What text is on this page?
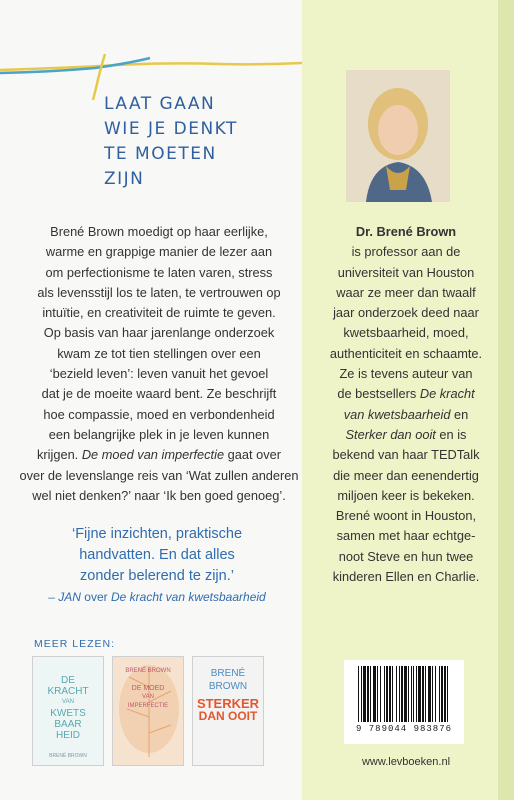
LAAT GAAN
WIE JE DENKT
TE MOETEN
ZIJN
Brené Brown moedigt op haar eerlijke,
warme en grappige manier de lezer aan
om perfectionisme te laten varen, stress
als levensstijl los te laten, te vertrouwen op
intuïtie, en creativiteit de ruimte te geven.
Op basis van haar jarenlange onderzoek
kwam ze tot tien stellingen over een
‘bezield leven’: leven vanuit het gevoel
dat je de moeite waard bent. Ze beschrijft
hoe compassie, moed en verbondenheid
een belangrijke plek in je leven kunnen
krijgen. De moed van imperfectie gaat over
over de levenslange reis van ‘Wat zullen anderen
wel niet denken?’ naar ‘Ik ben goed genoeg’.
‘Fijne inzichten, praktische
handvatten. En dat alles
zonder belerend te zijn.’
– JAN over De kracht van kwetsbaarheid
MEER LEZEN:
DE
KRACHT
VAN
KWETS
BAAR
HEID
BRENÉ BROWN
BRENÉ BROWN
DE MOED
VAN
IMPERFECTIE
BRENÉ
BROWN
STERKER
DAN OOIT
Dr. Brené Brown
is professor aan de
universiteit van Houston
waar ze meer dan twaalf
jaar onderzoek deed naar
kwetsbaarheid, moed,
authenticiteit en schaamte.
Ze is tevens auteur van
de bestsellers De kracht
van kwetsbaarheid en
Sterker dan ooit en is
bekend van haar TEDTalk
die meer dan eenendertig
miljoen keer is bekeken.
Brené woont in Houston,
samen met haar echtge-
noot Steve en hun twee
kinderen Ellen en Charlie.
9 789044 983876
www.levboeken.nl
